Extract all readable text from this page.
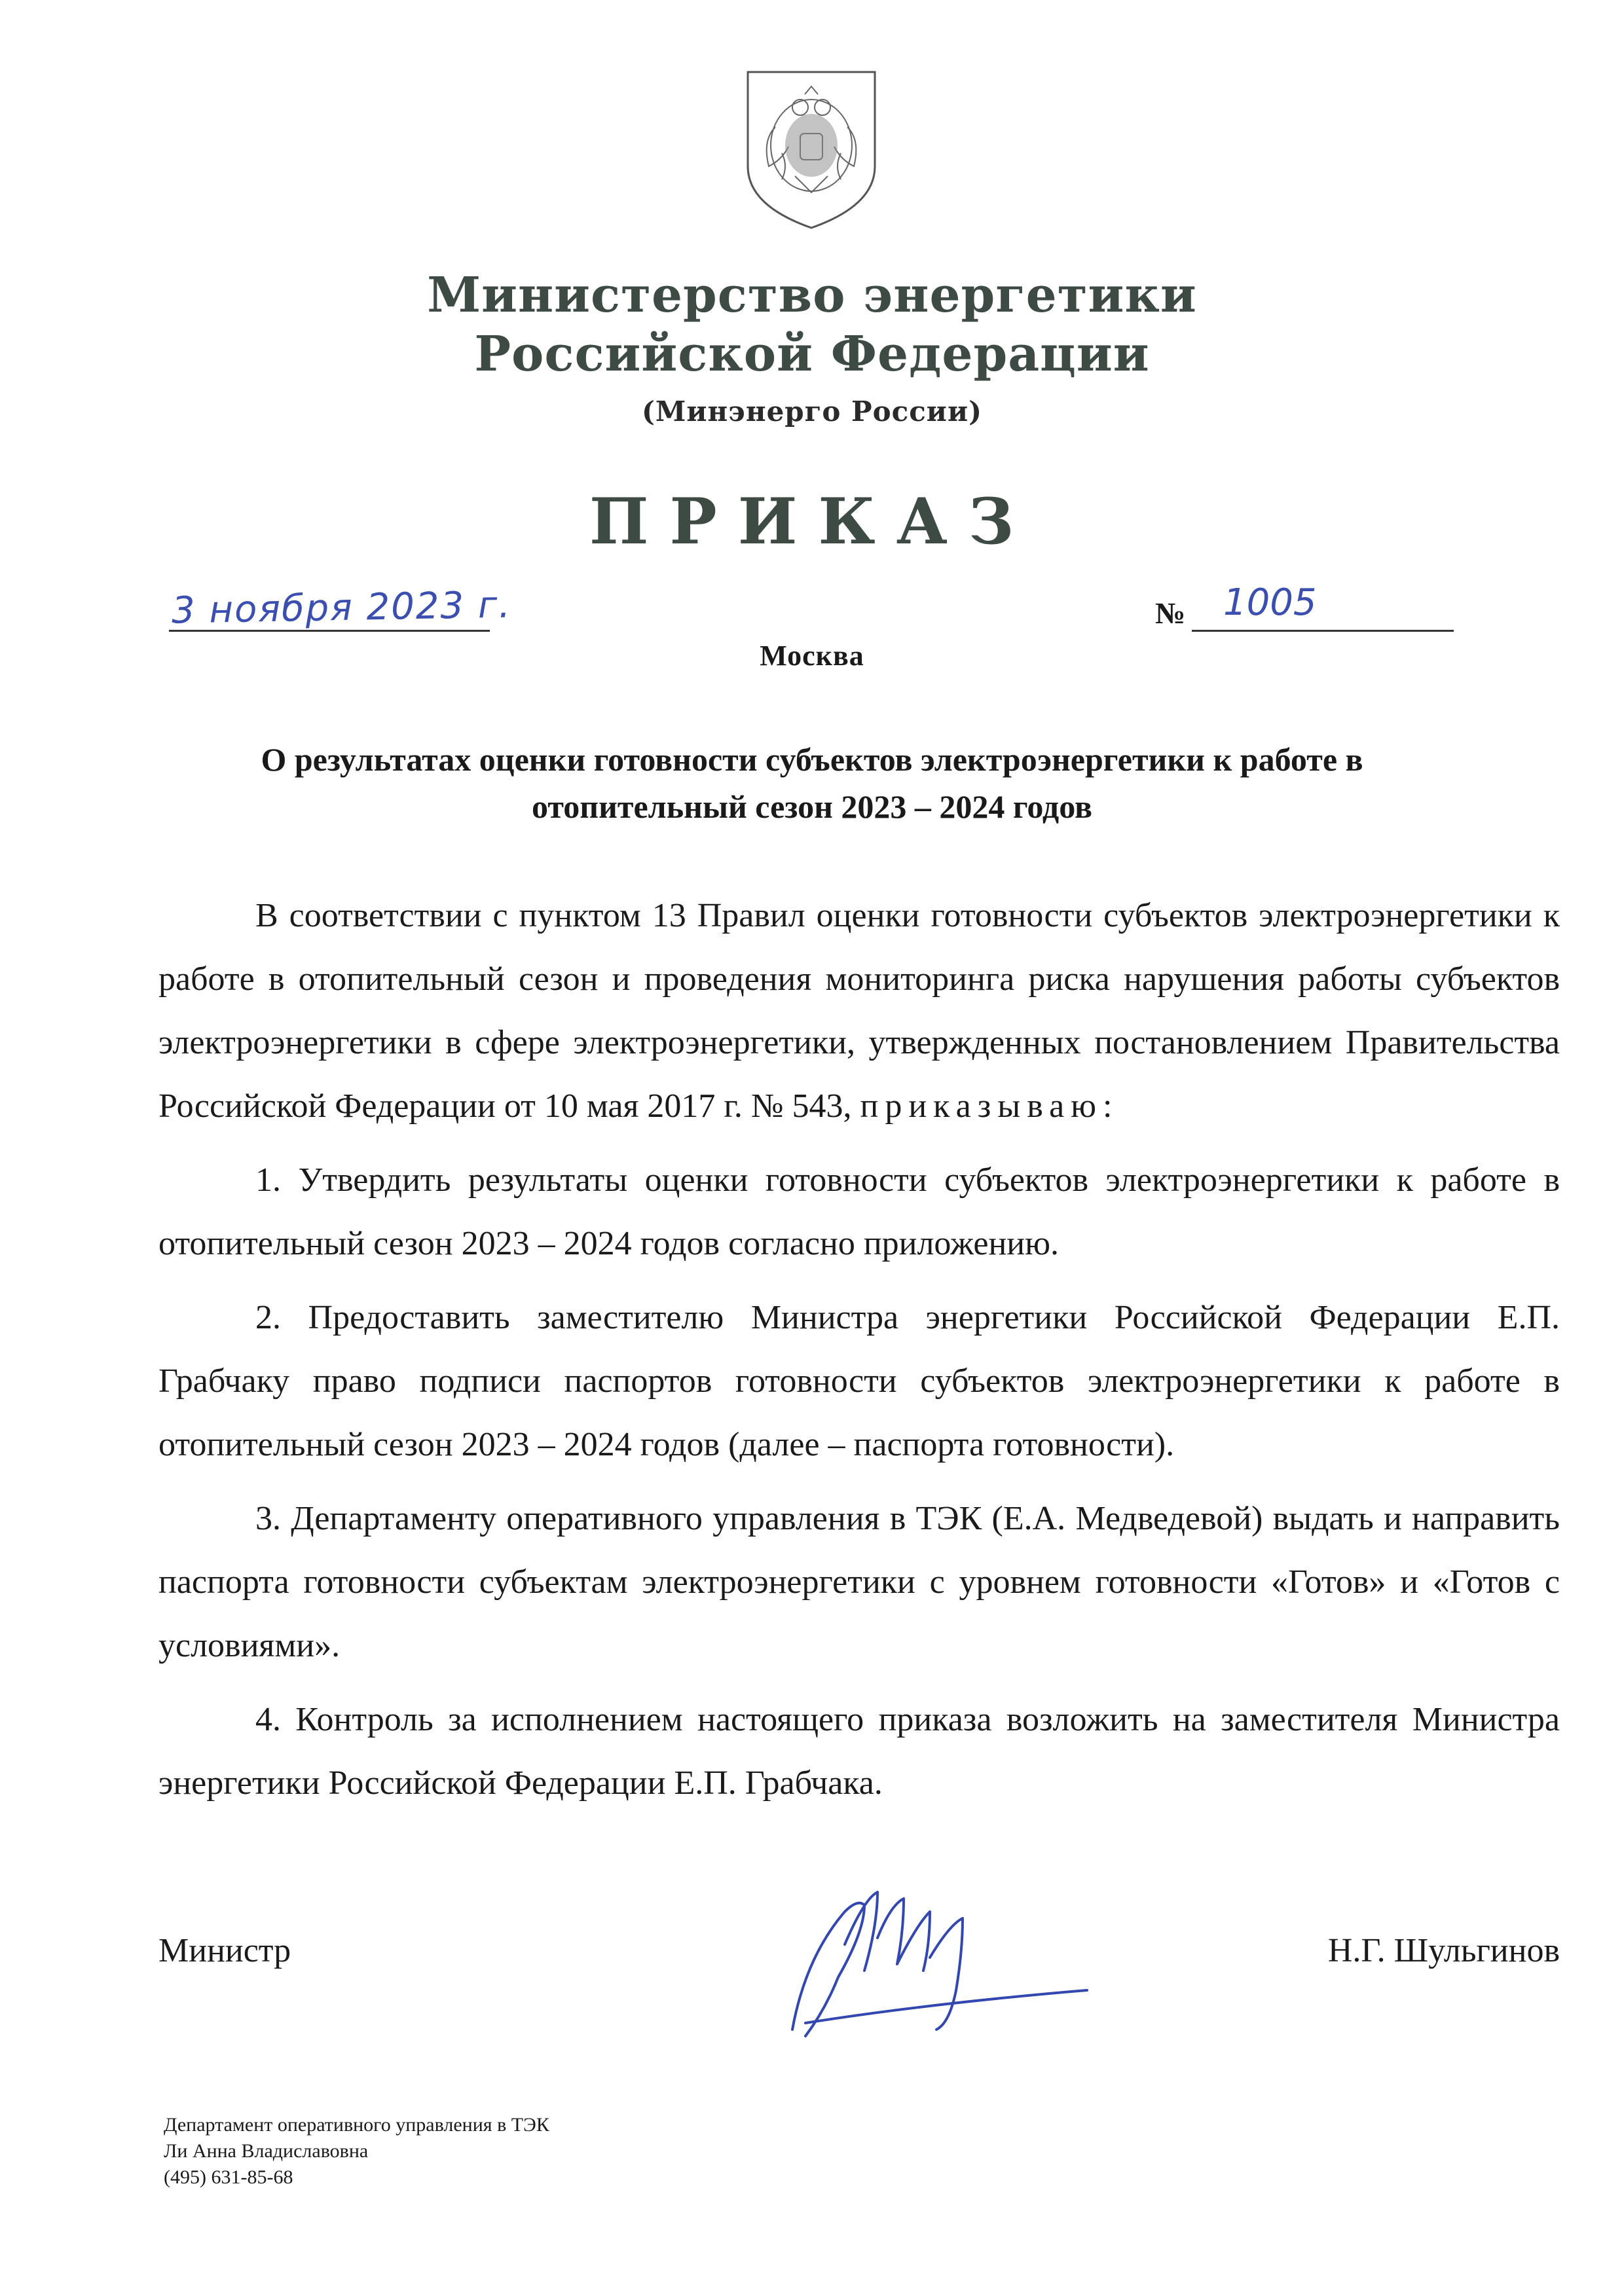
Министерство энергетики
Российской Федерации
(Минэнерго России)
ПРИКАЗ
3 ноября 2023 г.	№ 1005
Москва
О результатах оценки готовности субъектов электроэнергетики к работе в отопительный сезон 2023 – 2024 годов

В соответствии с пунктом 13 Правил оценки готовности субъектов электроэнергетики к работе в отопительный сезон и проведения мониторинга риска нарушения работы субъектов электроэнергетики в сфере электроэнергетики, утвержденных постановлением Правительства Российской Федерации от 10 мая 2017 г. № 543, приказываю:

1. Утвердить результаты оценки готовности субъектов электроэнергетики к работе в отопительный сезон 2023 – 2024 годов согласно приложению.

2. Предоставить заместителю Министра энергетики Российской Федерации Е.П. Грабчаку право подписи паспортов готовности субъектов электроэнергетики к работе в отопительный сезон 2023 – 2024 годов (далее – паспорта готовности).

3. Департаменту оперативного управления в ТЭК (Е.А. Медведевой) выдать и направить паспорта готовности субъектам электроэнергетики с уровнем готовности «Готов» и «Готов с условиями».

4. Контроль за исполнением настоящего приказа возложить на заместителя Министра энергетики Российской Федерации Е.П. Грабчака.

Министр	Н.Г. Шульгинов
Департамент оперативного управления в ТЭК
Ли Анна Владиславовна
(495) 631-85-68
